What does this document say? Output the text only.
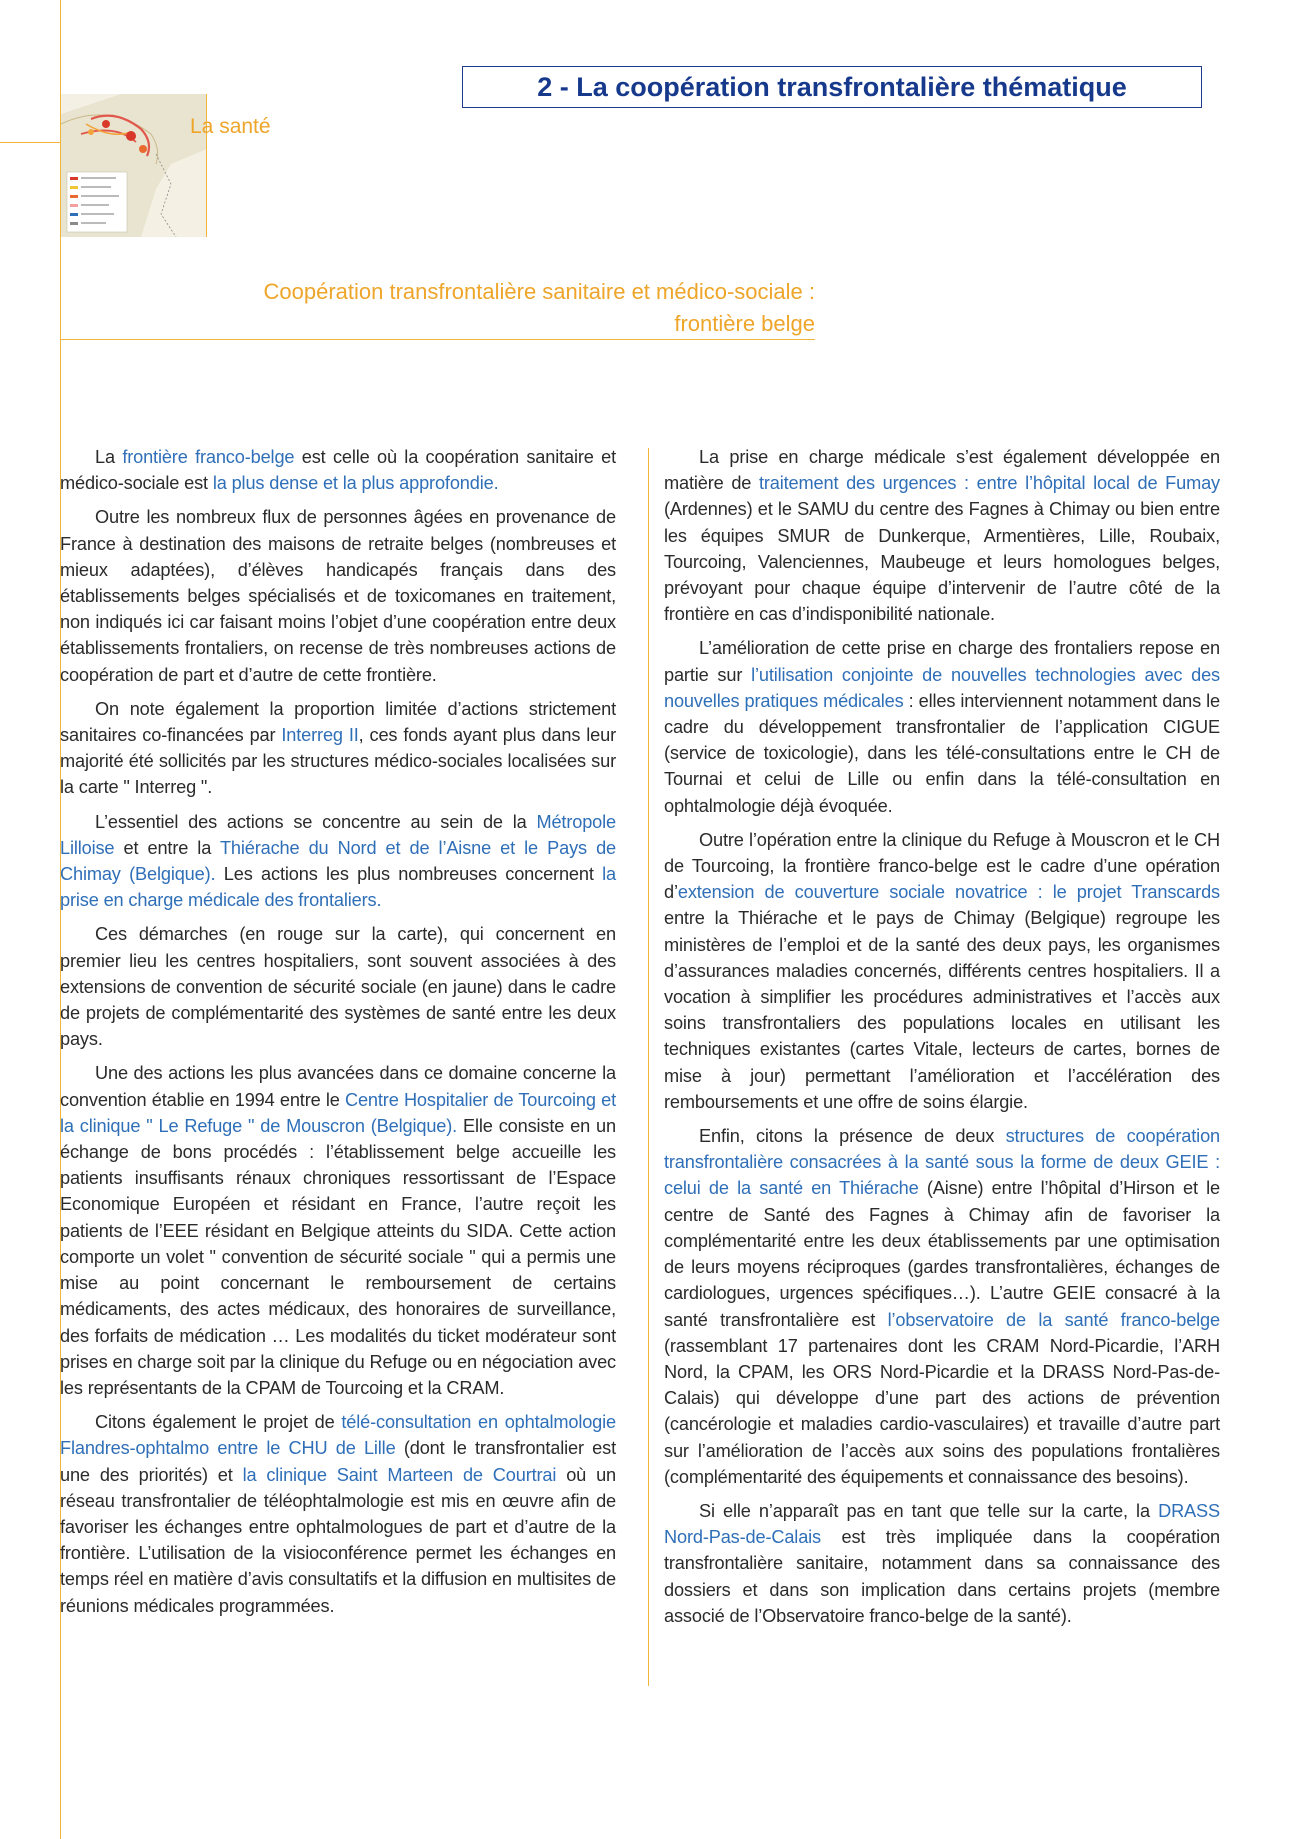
2 - La coopération transfrontalière thématique
La santé
Coopération transfrontalière sanitaire et médico-sociale :
frontière belge

La frontière franco-belge est celle où la coopération sanitaire et médico-sociale est la plus dense et la plus approfondie.

Outre les nombreux flux de personnes âgées en provenance de France à destination des maisons de retraite belges (nombreuses et mieux adaptées), d’élèves handicapés français dans des établissements belges spécialisés et de toxicomanes en traitement, non indiqués ici car faisant moins l’objet d’une coopération entre deux établissements frontaliers, on recense de très nombreuses actions de coopération de part et d’autre de cette frontière.

On note également la proportion limitée d’actions strictement sanitaires co-financées par Interreg II, ces fonds ayant plus dans leur majorité été sollicités par les structures médico-sociales localisées sur la carte " Interreg ".

L’essentiel des actions se concentre au sein de la Métropole Lilloise et entre la Thiérache du Nord et de l’Aisne et le Pays de Chimay (Belgique). Les actions les plus nombreuses concernent la prise en charge médicale des frontaliers.

Ces démarches (en rouge sur la carte), qui concernent en premier lieu les centres hospitaliers, sont souvent associées à des extensions de convention de sécurité sociale (en jaune) dans le cadre de projets de complémentarité des systèmes de santé entre les deux pays.

Une des actions les plus avancées dans ce domaine concerne la convention établie en 1994 entre le Centre Hospitalier de Tourcoing et la clinique " Le Refuge " de Mouscron (Belgique). Elle consiste en un échange de bons procédés : l’établissement belge accueille les patients insuffisants rénaux chroniques ressortissant de l’Espace Economique Européen et résidant en France, l’autre reçoit les patients de l’EEE résidant en Belgique atteints du SIDA. Cette action comporte un volet " convention de sécurité sociale " qui a permis une mise au point concernant le remboursement de certains médicaments, des actes médicaux, des honoraires de surveillance, des forfaits de médication … Les modalités du ticket modérateur sont prises en charge soit par la clinique du Refuge ou en négociation avec les représentants de la CPAM de Tourcoing et la CRAM.

Citons également le projet de télé-consultation en ophtalmologie Flandres-ophtalmo entre le CHU de Lille (dont le transfrontalier est une des priorités) et la clinique Saint Marteen de Courtrai où un réseau transfrontalier de téléophtalmologie est mis en œuvre afin de favoriser les échanges entre ophtalmologues de part et d’autre de la frontière. L’utilisation de la visioconférence permet les échanges en temps réel en matière d’avis consultatifs et la diffusion en multisites de réunions médicales programmées.

La prise en charge médicale s’est également développée en matière de traitement des urgences : entre l’hôpital local de Fumay (Ardennes) et le SAMU du centre des Fagnes à Chimay ou bien entre les équipes SMUR de Dunkerque, Armentières, Lille, Roubaix, Tourcoing, Valenciennes, Maubeuge et leurs homologues belges, prévoyant pour chaque équipe d’intervenir de l’autre côté de la frontière en cas d’indisponibilité nationale.

L’amélioration de cette prise en charge des frontaliers repose en partie sur l’utilisation conjointe de nouvelles technologies avec des nouvelles pratiques médicales : elles interviennent notamment dans le cadre du développement transfrontalier de l’application CIGUE (service de toxicologie), dans les télé-consultations entre le CH de Tournai et celui de Lille ou enfin dans la télé-consultation en ophtalmologie déjà évoquée.

Outre l’opération entre la clinique du Refuge à Mouscron et le CH de Tourcoing, la frontière franco-belge est le cadre d’une opération d’extension de couverture sociale novatrice : le projet Transcards entre la Thiérache et le pays de Chimay (Belgique) regroupe les ministères de l’emploi et de la santé des deux pays, les organismes d’assurances maladies concernés, différents centres hospitaliers. Il a vocation à simplifier les procédures administratives et l’accès aux soins transfrontaliers des populations locales en utilisant les techniques existantes (cartes Vitale, lecteurs de cartes, bornes de mise à jour) permettant l’amélioration et l’accélération des remboursements et une offre de soins élargie.

Enfin, citons la présence de deux structures de coopération transfrontalière consacrées à la santé sous la forme de deux GEIE : celui de la santé en Thiérache (Aisne) entre l’hôpital d’Hirson et le centre de Santé des Fagnes à Chimay afin de favoriser la complémentarité entre les deux établissements par une optimisation de leurs moyens réciproques (gardes transfrontalières, échanges de cardiologues, urgences spécifiques…). L’autre GEIE consacré à la santé transfrontalière est l’observatoire de la santé franco-belge (rassemblant 17 partenaires dont les CRAM Nord-Picardie, l’ARH Nord, la CPAM, les ORS Nord-Picardie et la DRASS Nord-Pas-de-Calais) qui développe d’une part des actions de prévention (cancérologie et maladies cardio-vasculaires) et travaille d’autre part sur l’amélioration de l’accès aux soins des populations frontalières (complémentarité des équipements et connaissance des besoins).

Si elle n’apparaît pas en tant que telle sur la carte, la DRASS Nord-Pas-de-Calais est très impliquée dans la coopération transfrontalière sanitaire, notamment dans sa connaissance des dossiers et dans son implication dans certains projets (membre associé de l’Observatoire franco-belge de la santé).
